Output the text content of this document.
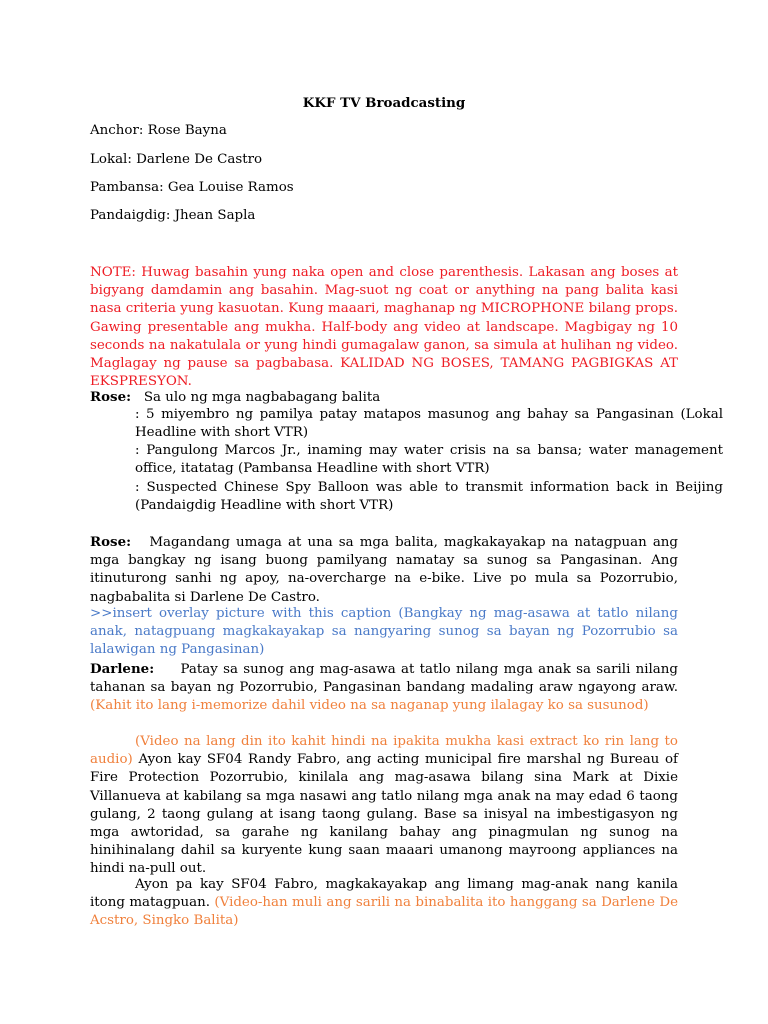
KKF TV Broadcasting
Anchor: Rose Bayna
Lokal: Darlene De Castro
Pambansa: Gea Louise Ramos
Pandaigdig: Jhean Sapla
NOTE: Huwag basahin yung naka open and close parenthesis. Lakasan ang boses at bigyang damdamin ang basahin. Mag-suot ng coat or anything na pang balita kasi nasa criteria yung kasuotan. Kung maaari, maghanap ng MICROPHONE bilang props. Gawing presentable ang mukha. Half-body ang video at landscape. Magbigay ng 10 seconds na nakatulala or yung hindi gumagalaw ganon, sa simula at hulihan ng video. Maglagay ng pause sa pagbabasa. KALIDAD NG BOSES, TAMANG PAGBIGKAS AT EKSPRESYON.
Rose: Sa ulo ng mga nagbabagang balita
: 5 miyembro ng pamilya patay matapos masunog ang bahay sa Pangasinan (Lokal Headline with short VTR)
: Pangulong Marcos Jr., inaming may water crisis na sa bansa; water management office, itatatag (Pambansa Headline with short VTR)
: Suspected Chinese Spy Balloon was able to transmit information back in Beijing (Pandaigdig Headline with short VTR)
Rose: Magandang umaga at una sa mga balita, magkakayakap na natagpuan ang mga bangkay ng isang buong pamilyang namatay sa sunog sa Pangasinan. Ang itinuturong sanhi ng apoy, na-overcharge na e-bike. Live po mula sa Pozorrubio, nagbabalita si Darlene De Castro.
>>insert overlay picture with this caption (Bangkay ng mag-asawa at tatlo nilang anak, natagpuang magkakayakap sa nangyaring sunog sa bayan ng Pozorrubio sa lalawigan ng Pangasinan)
Darlene: Patay sa sunog ang mag-asawa at tatlo nilang mga anak sa sarili nilang tahanan sa bayan ng Pozorrubio, Pangasinan bandang madaling araw ngayong araw. (Kahit ito lang i-memorize dahil video na sa naganap yung ilalagay ko sa susunod)
(Video na lang din ito kahit hindi na ipakita mukha kasi extract ko rin lang to audio) Ayon kay SF04 Randy Fabro, ang acting municipal fire marshal ng Bureau of Fire Protection Pozorrubio, kinilala ang mag-asawa bilang sina Mark at Dixie Villanueva at kabilang sa mga nasawi ang tatlo nilang mga anak na may edad 6 taong gulang, 2 taong gulang at isang taong gulang. Base sa inisyal na imbestigasyon ng mga awtoridad, sa garahe ng kanilang bahay ang pinagmulan ng sunog na hinihinalang dahil sa kuryente kung saan maaari umanong mayroong appliances na hindi na-pull out.
Ayon pa kay SF04 Fabro, magkakayakap ang limang mag-anak nang kanila itong matagpuan. (Video-han muli ang sarili na binabalita ito hanggang sa Darlene De Acstro, Singko Balita)
